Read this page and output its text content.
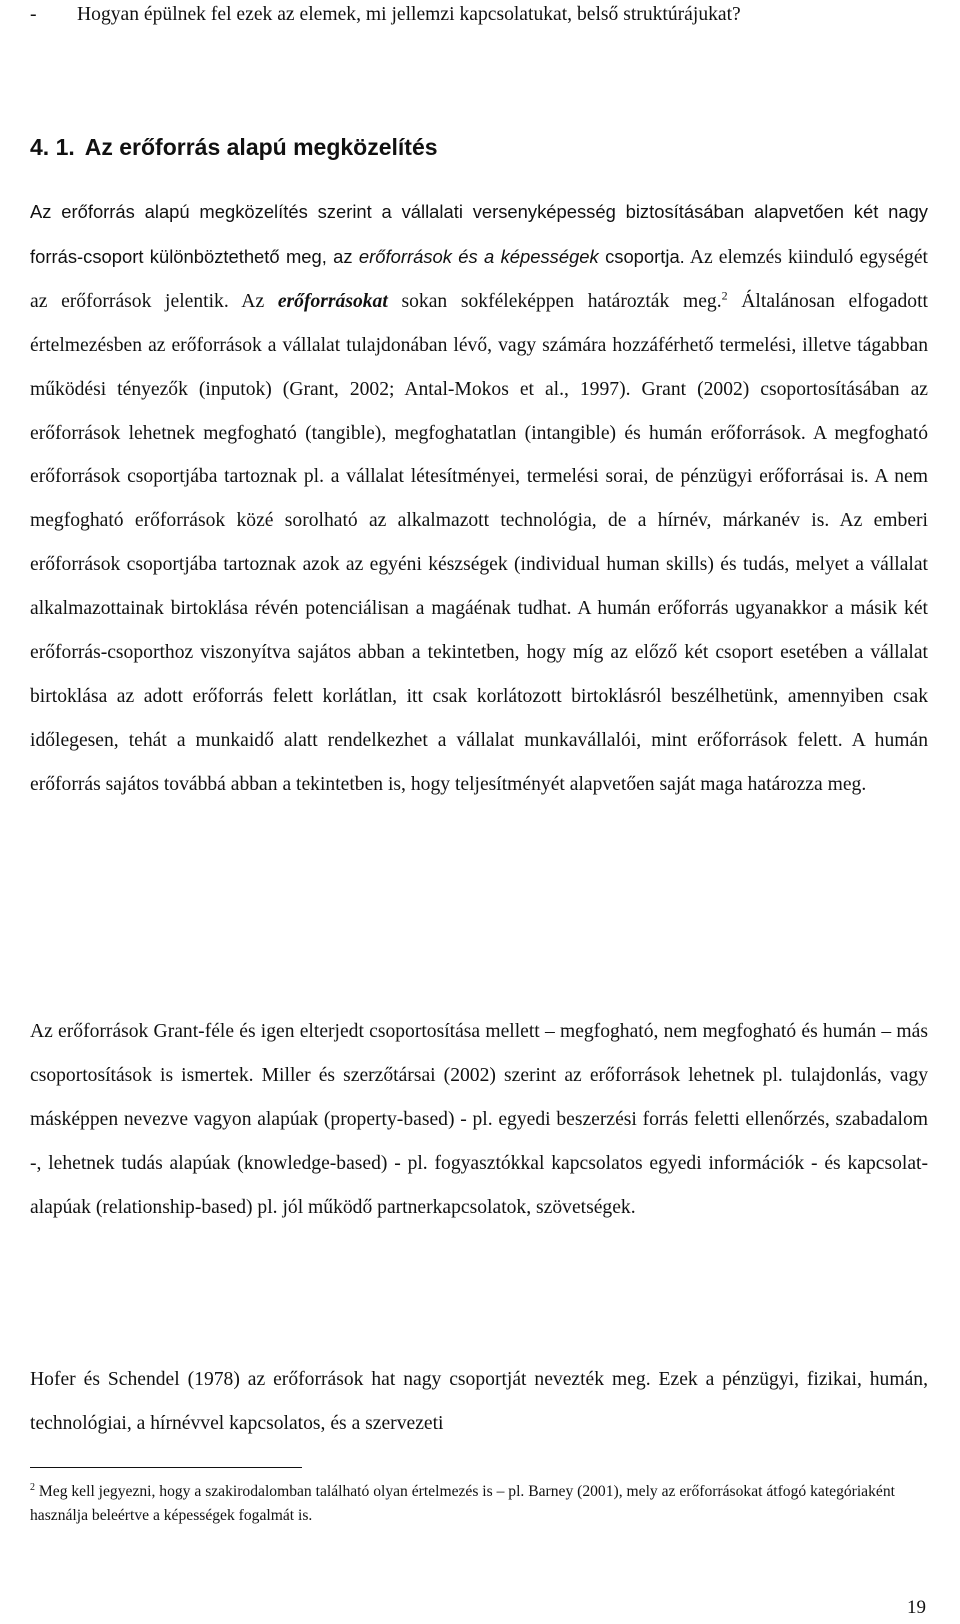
- Hogyan épülnek fel ezek az elemek, mi jellemzi kapcsolatukat, belső struktúrájukat?

4. 1. Az erőforrás alapú megközelítés

Az erőforrás alapú megközelítés szerint a vállalati versenyképesség biztosításában alapvetően két nagy forrás-csoport különböztethető meg, az erőforrások és a képességek csoportja. Az elemzés kiinduló egységét az erőforrások jelentik. Az erőforrásokat sokan sokféleképpen határozták meg.$^2$ Általánosan elfogadott értelmezésben az erőforrások a vállalat tulajdonában lévő, vagy számára hozzáférhető termelési, illetve tágabban működési tényezők (inputok) (Grant, 2002; Antal-Mokos et al., 1997). Grant (2002) csoportosításában az erőforrások lehetnek megfogható (tangible), megfoghatatlan (intangible) és humán erőforrások. A megfogható erőforrások csoportjába tartoznak pl. a vállalat létesítményei, termelési sorai, de pénzügyi erőforrásai is. A nem megfogható erőforrások közé sorolható az alkalmazott technológia, de a hírnév, márkanév is. Az emberi erőforrások csoportjába tartoznak azok az egyéni készségek (individual human skills) és tudás, melyet a vállalat alkalmazottainak birtoklása révén potenciálisan a magáénak tudhat. A humán erőforrás ugyanakkor a másik két erőforrás-csoporthoz viszonyítva sajátos abban a tekintetben, hogy míg az előző két csoport esetében a vállalat birtoklása az adott erőforrás felett korlátlan, itt csak korlátozott birtoklásról beszélhetünk, amennyiben csak időlegesen, tehát a munkaidő alatt rendelkezhet a vállalat munkavállalói, mint erőforrások felett. A humán erőforrás sajátos továbbá abban a tekintetben is, hogy teljesítményét alapvetően saját maga határozza meg.

Az erőforrások Grant-féle és igen elterjedt csoportosítása mellett – megfogható, nem megfogható és humán – más csoportosítások is ismertek. Miller és szerzőtársai (2002) szerint az erőforrások lehetnek pl. tulajdonlás, vagy másképpen nevezve vagyon alapúak (property-based) - pl. egyedi beszerzési forrás feletti ellenőrzés, szabadalom -, lehetnek tudás alapúak (knowledge-based) - pl. fogyasztókkal kapcsolatos egyedi információk - és kapcsolat-alapúak (relationship-based) pl. jól működő partnerkapcsolatok, szövetségek.

Hofer és Schendel (1978) az erőforrások hat nagy csoportját nevezték meg. Ezek a pénzügyi, fizikai, humán, technológiai, a hírnévvel kapcsolatos, és a szervezeti

$^2$ Meg kell jegyezni, hogy a szakirodalomban található olyan értelmezés is – pl. Barney (2001), mely az erőforrásokat átfogó kategóriaként használja beleértve a képességek fogalmát is.

19
